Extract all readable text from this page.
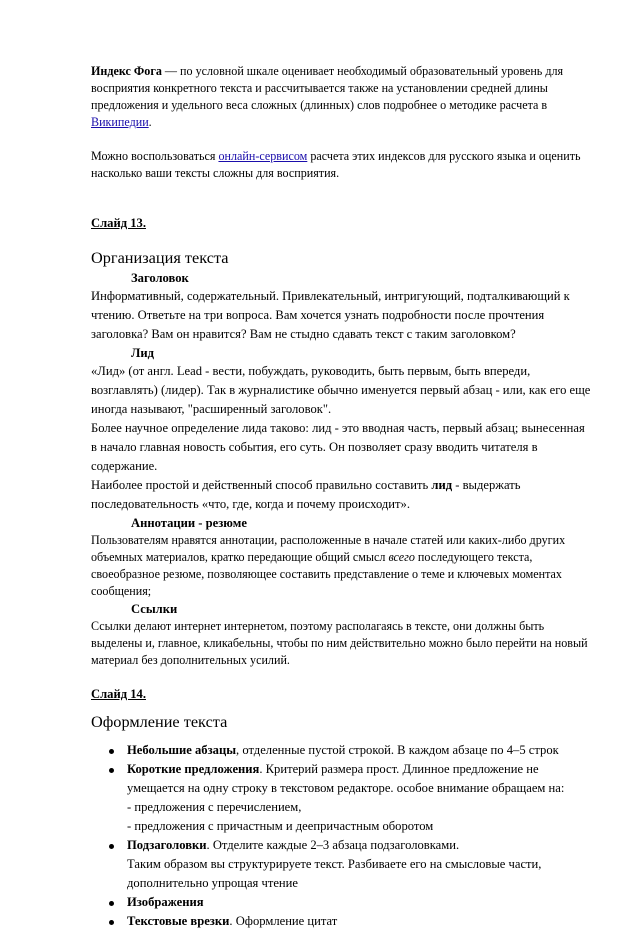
Индекс Фога — по условной шкале оценивает необходимый образовательный уровень для восприятия конкретного текста и рассчитывается также на установлении средней длины предложения и удельного веса сложных (длинных) слов подробнее о методике расчета в Википедии.

Можно воспользоваться онлайн-сервисом расчета этих индексов для русского языка и оценить насколько ваши тексты сложны для восприятия.

Слайд 13.

Организация текста

Заголовок

Информативный, содержательный. Привлекательный, интригующий, подталкивающий к чтению. Ответьте на три вопроса. Вам хочется узнать подробности после прочтения заголовка? Вам он нравится? Вам не стыдно сдавать текст с таким заголовком?

Лид

«Лид» (от англ. Lead - вести, побуждать, руководить, быть первым, быть впереди, возглавлять) (лидер). Так в журналистике обычно именуется первый абзац - или, как его еще иногда называют, "расширенный заголовок".

Более научное определение лида таково: лид - это вводная часть, первый абзац; вынесенная в начало главная новость события, его суть. Он позволяет сразу вводить читателя в содержание.

Наиболее простой и действенный способ правильно составить лид - выдержать последовательность «что, где, когда и почему происходит».

Аннотации - резюме

Пользователям нравятся аннотации, расположенные в начале статей или каких-либо других объемных материалов, кратко передающие общий смысл всего последующего текста, своеобразное резюме, позволяющее составить представление о теме и ключевых моментах сообщения;

Ссылки

Ссылки делают интернет интернетом, поэтому располагаясь в тексте, они должны быть выделены и, главное, кликабельны, чтобы по ним действительно можно было перейти на новый материал без дополнительных усилий.

Слайд 14.

Оформление текста

Небольшие абзацы, отделенные пустой строкой. В каждом абзаце по 4–5 строк
Короткие предложения. Критерий размера прост. Длинное предложение не умещается на одну строку в текстовом редакторе. особое внимание обращаем на:
- предложения с перечислением,
- предложения с причастным и деепричастным оборотом
Подзаголовки. Отделите каждые 2–3 абзаца подзаголовками.
Таким образом вы структурируете текст. Разбиваете его на смысловые части, дополнительно упрощая чтение
Изображения
Текстовые врезки. Оформление цитат
